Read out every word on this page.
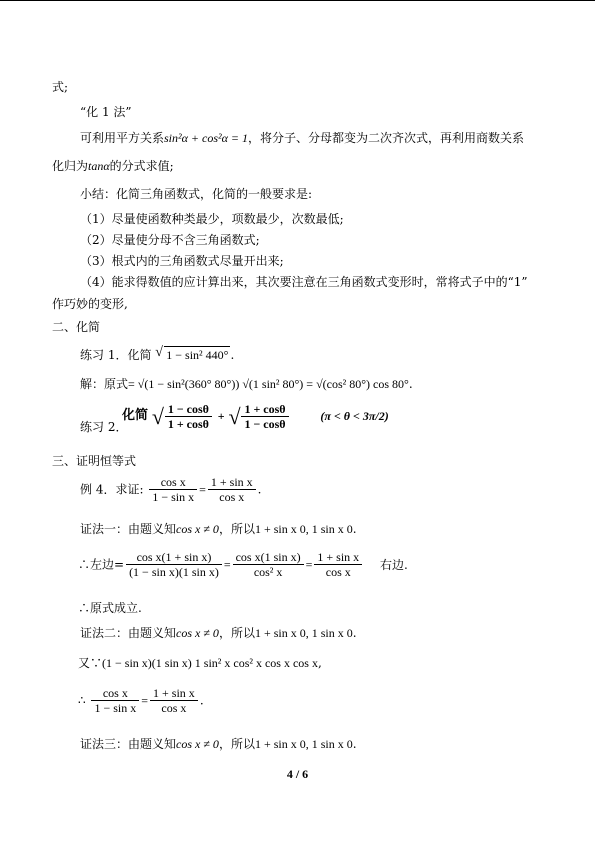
式;
“化 1 法”
可利用平方关系sin²α + cos²α = 1，将分子、分母都变为二次齐次式，再利用商数关系
化归为tanα的分式求值;
小结：化简三角函数式，化简的一般要求是:
（1）尽量使函数种类最少，项数最少，次数最低;
（2）尽量使分母不含三角函数式;
（3）根式内的三角函数式尽量开出来;
（4）能求得数值的应计算出来，其次要注意在三角函数式变形时，常将式子中的“1”
作巧妙的变形,
二、化简
练习 1．化简 √ 1 − sin² 440° .
解：原式= √(1 − sin²(360° 80°)) √(1 sin² 80°) = √(cos² 80°) cos 80°.
练习 2．
化简 √ $\frac{1 - \cos\theta}{1 + \cos\theta}$ + √ $\frac{1 + \cos\theta}{1 - \cos\theta}$	(π < θ < 3π/2)
三、证明恒等式
例 4．求证: $\frac{\text{cos x}}{\text{1 − sin x}} = \frac{\text{1 + sin x}}{\text{cos x}}$ .
证法一：由题义知cos x ≠ 0，所以1 + sin x 0, 1 sin x 0.
∴左边= $\frac{\text{cos x(1 + sin x)}}{\text{(1 − sin x)(1 sin x)}} = \frac{\text{cos x(1 sin x)}}{\text{cos² x}} = \frac{\text{1 + sin x}}{\text{cos x}}$ 右边.
∴原式成立.
证法二：由题义知cos x ≠ 0，所以1 + sin x 0, 1 sin x 0.
又∵(1 − sin x)(1 sin x) 1 sin² x cos² x cos x cos x,
∴ $\frac{\text{cos x}}{\text{1 − sin x}} = \frac{\text{1 + sin x}}{\text{cos x}}$ .
证法三：由题义知cos x ≠ 0，所以1 + sin x 0, 1 sin x 0.
4 / 6
